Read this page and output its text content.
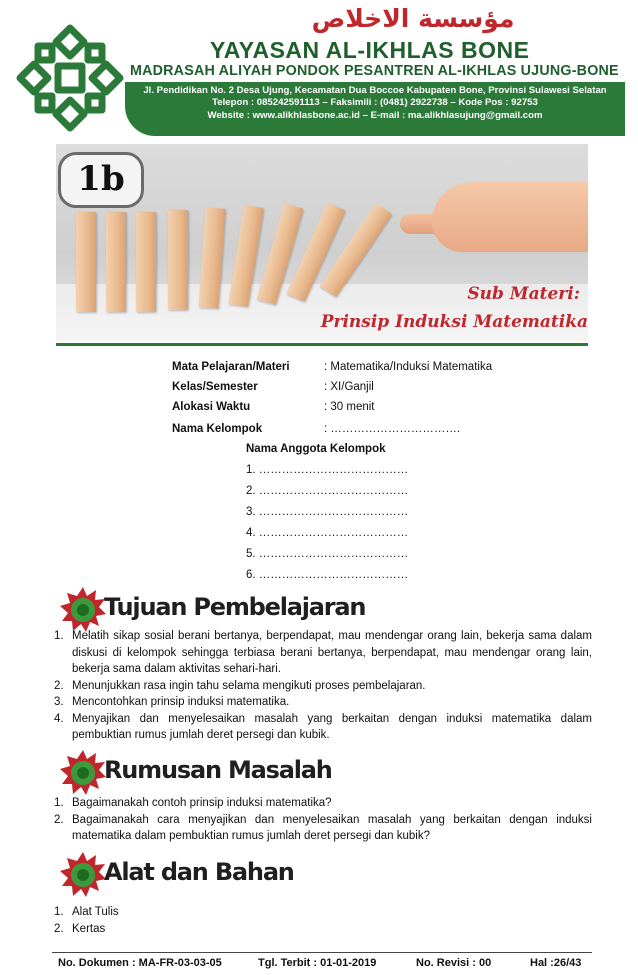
مؤسسة الاخلاص
YAYASAN AL-IKHLAS BONE
MADRASAH ALIYAH PONDOK PESANTREN AL-IKHLAS UJUNG-BONE
Jl. Pendidikan No. 2 Desa Ujung, Kecamatan Dua Boccoe Kabupaten Bone, Provinsi Sulawesi Selatan
Telepon : 085242591113 – Faksimili : (0481) 2922738 – Kode Pos : 92753
Website : www.alikhlasbone.ac.id – E-mail : ma.alikhlasujung@gmail.com
1b
Sub Materi:
Prinsip Induksi Matematika
Mata Pelajaran/Materi	: Matematika/Induksi Matematika
Kelas/Semester	: XI/Ganjil
Alokasi Waktu	: 30 menit
Nama Kelompok	: …………………………….
Nama Anggota Kelompok
1. …………………………………
2. …………………………………
3. …………………………………
4. …………………………………
5. …………………………………
6. …………………………………
Tujuan Pembelajaran
1. Melatih sikap sosial berani bertanya, berpendapat, mau mendengar orang lain, bekerja sama dalam diskusi di kelompok sehingga terbiasa berani bertanya, berpendapat, mau mendengar orang lain, bekerja sama dalam aktivitas sehari-hari.
2. Menunjukkan rasa ingin tahu selama mengikuti proses pembelajaran.
3. Mencontohkan prinsip induksi matematika.
4. Menyajikan dan menyelesaikan masalah yang berkaitan dengan induksi matematika dalam pembuktian rumus jumlah deret persegi dan kubik.
Rumusan Masalah
1. Bagaimanakah contoh prinsip induksi matematika?
2. Bagaimanakah cara menyajikan dan menyelesaikan masalah yang berkaitan dengan induksi matematika dalam pembuktian rumus jumlah deret persegi dan kubik?
Alat dan Bahan
1. Alat Tulis
2. Kertas
No. Dokumen : MA-FR-03-03-05	Tgl. Terbit : 01-01-2019	No. Revisi : 00	Hal :26/43
